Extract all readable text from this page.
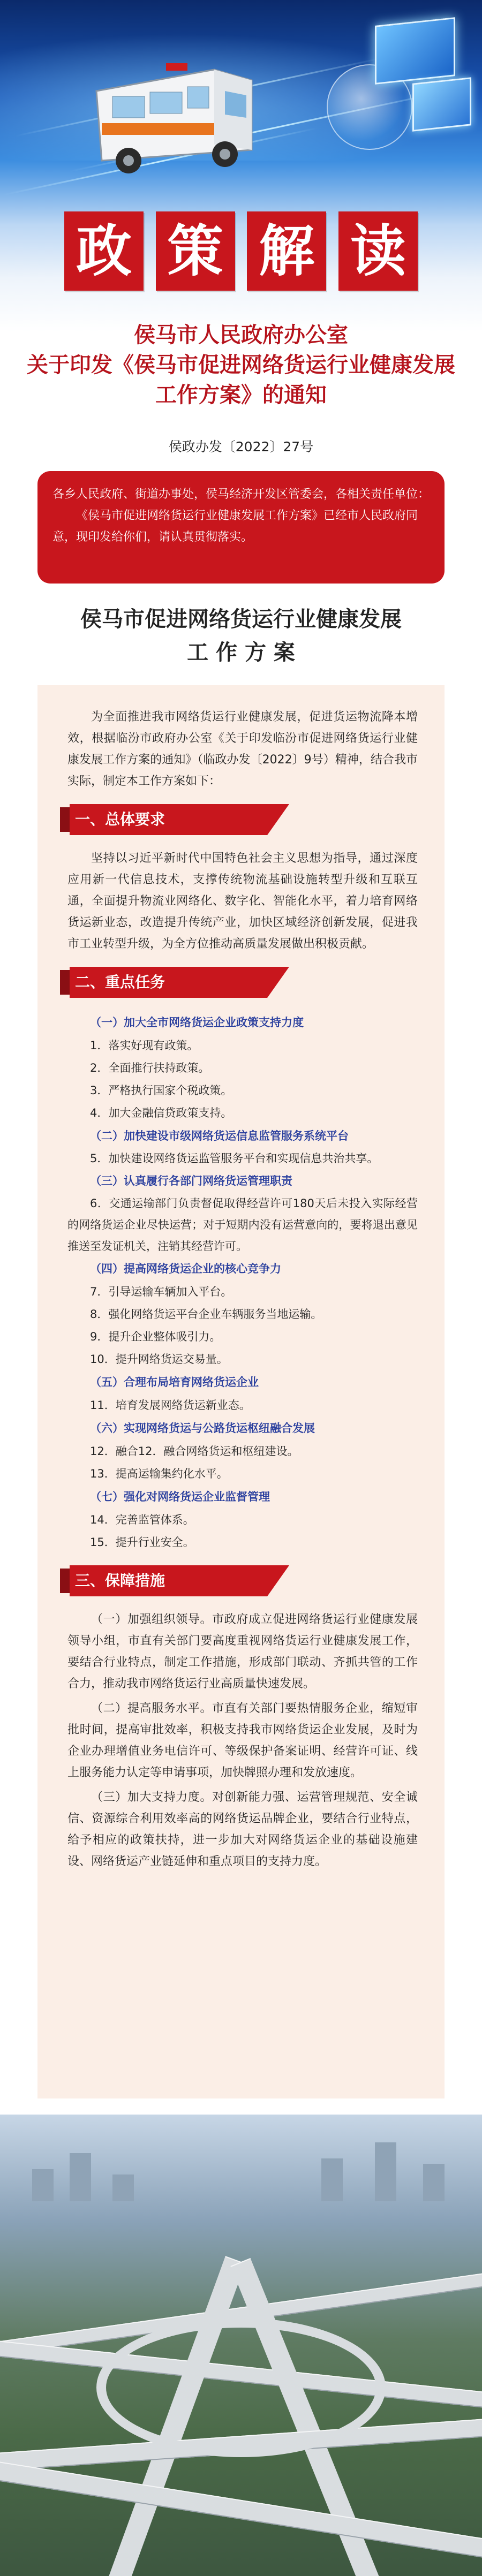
政 策 解 读
侯马市人民政府办公室
关于印发《侯马市促进网络货运行业健康发展
工作方案》的通知
侯政办发〔2022〕27号

各乡人民政府、街道办事处，侯马经济开发区管委会，各相关责任单位：

《侯马市促进网络货运行业健康发展工作方案》已经市人民政府同意，现印发给你们，请认真贯彻落实。

侯马市促进网络货运行业健康发展
工 作 方 案

为全面推进我市网络货运行业健康发展，促进货运物流降本增效，根据临汾市政府办公室《关于印发临汾市促进网络货运行业健康发展工作方案的通知》（临政办发〔2022〕9号）精神，结合我市实际，制定本工作方案如下：

一、总体要求

坚持以习近平新时代中国特色社会主义思想为指导，通过深度应用新一代信息技术，支撑传统物流基础设施转型升级和互联互通，全面提升物流业网络化、数字化、智能化水平，着力培育网络货运新业态，改造提升传统产业，加快区域经济创新发展，促进我市工业转型升级，为全方位推动高质量发展做出积极贡献。

二、重点任务
（一）加大全市网络货运企业政策支持力度
1．落实好现有政策。
2．全面推行扶持政策。
3．严格执行国家个税政策。
4．加大金融信贷政策支持。
（二）加快建设市级网络货运信息监管服务系统平台
5．加快建设网络货运监管服务平台和实现信息共治共享。
（三）认真履行各部门网络货运管理职责
6．交通运输部门负责督促取得经营许可180天后未投入实际经营的网络货运企业尽快运营；对于短期内没有运营意向的，要将退出意见推送至发证机关，注销其经营许可。
（四）提高网络货运企业的核心竞争力
7．引导运输车辆加入平台。
8．强化网络货运平台企业车辆服务当地运输。
9．提升企业整体吸引力。
10．提升网络货运交易量。
（五）合理布局培育网络货运企业
11．培育发展网络货运新业态。
（六）实现网络货运与公路货运枢纽融合发展
12．融合12．融合网络货运和枢纽建设。
13．提高运输集约化水平。
（七）强化对网络货运企业监督管理
14．完善监管体系。
15．提升行业安全。
三、保障措施

（一）加强组织领导。市政府成立促进网络货运行业健康发展领导小组，市直有关部门要高度重视网络货运行业健康发展工作，要结合行业特点，制定工作措施，形成部门联动、齐抓共管的工作合力，推动我市网络货运行业高质量快速发展。

（二）提高服务水平。市直有关部门要热情服务企业，缩短审批时间，提高审批效率，积极支持我市网络货运企业发展，及时为企业办理增值业务电信许可、等级保护备案证明、经营许可证、线上服务能力认定等申请事项，加快牌照办理和发放速度。

（三）加大支持力度。对创新能力强、运营管理规范、安全诚信、资源综合利用效率高的网络货运品牌企业，要结合行业特点，给予相应的政策扶持，进一步加大对网络货运企业的基础设施建设、网络货运产业链延伸和重点项目的支持力度。
